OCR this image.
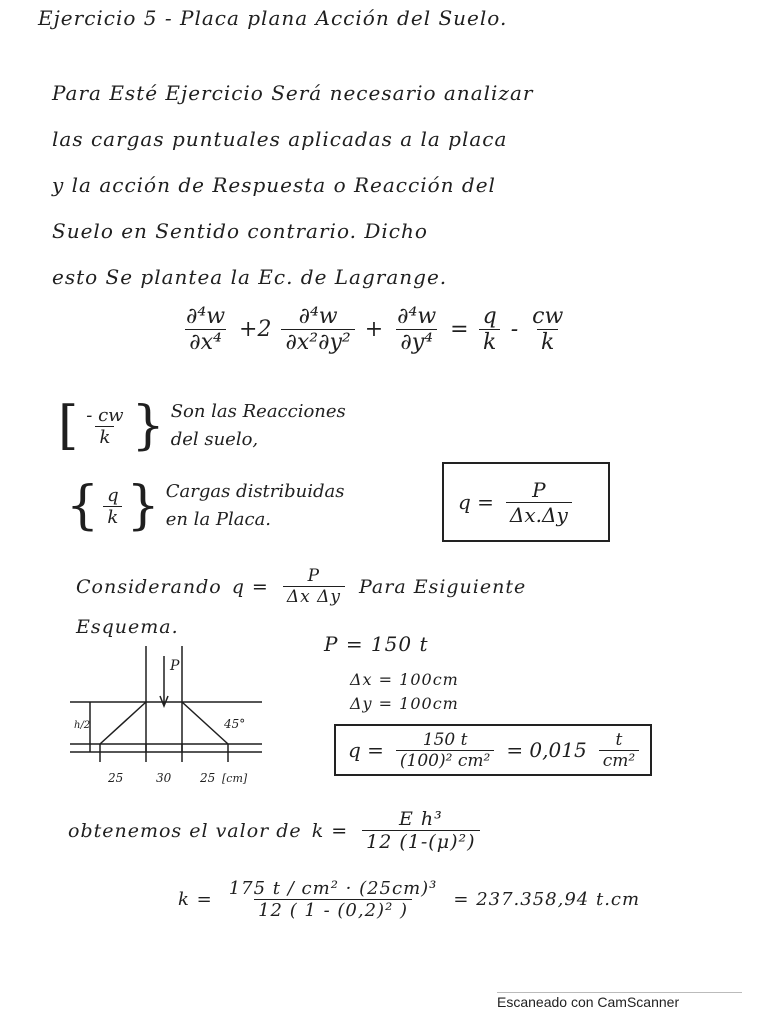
Ejercicio 5 - Placa plana Acción del Suelo.
Para Esté Ejercicio Será necesario analizar
las cargas puntuales aplicadas a la placa
y la acción de Respuesta o Reacción del
Suelo en Sentido contrario. Dicho
esto Se plantea la Ec. de Lagrange.
$\frac{\text{∂⁴w}}{\text{∂x⁴}} +2 \frac{\text{∂⁴w}}{\text{∂x²∂y²}} + \frac{\text{∂⁴w}}{\text{∂y⁴}} = \frac{q}{k} - \frac{cw}{k}$
[ $\frac{- cw}{k}$ } Son las Reacciones
del suelo,
{ $\frac{q}{k}$ } Cargas distribuidas
en la Placa.
$q = \frac{P}{\Delta x.\Delta y}$
Considerando $q = \frac{P}{\text{Δx Δy}}$ Para Esiguiente
Esquema.
P = 150 t
Δx = 100cm
Δy = 100cm
$q = \frac{150 t}{\text{(100)² cm²}} = 0,015 \frac{t}{\text{cm²}}$
P
45°
h/2
25	30 25 [cm]
obtenemos el valor de $k = \frac{\text{E h³}}{\text{12 (1-(μ)²)}}$
$k = \frac{\text{175 t / cm² · (25cm)³}}{\text{12 ( 1 - (0,2)² )}} = 237.358,94$ t.cm
Escaneado con CamScanner
